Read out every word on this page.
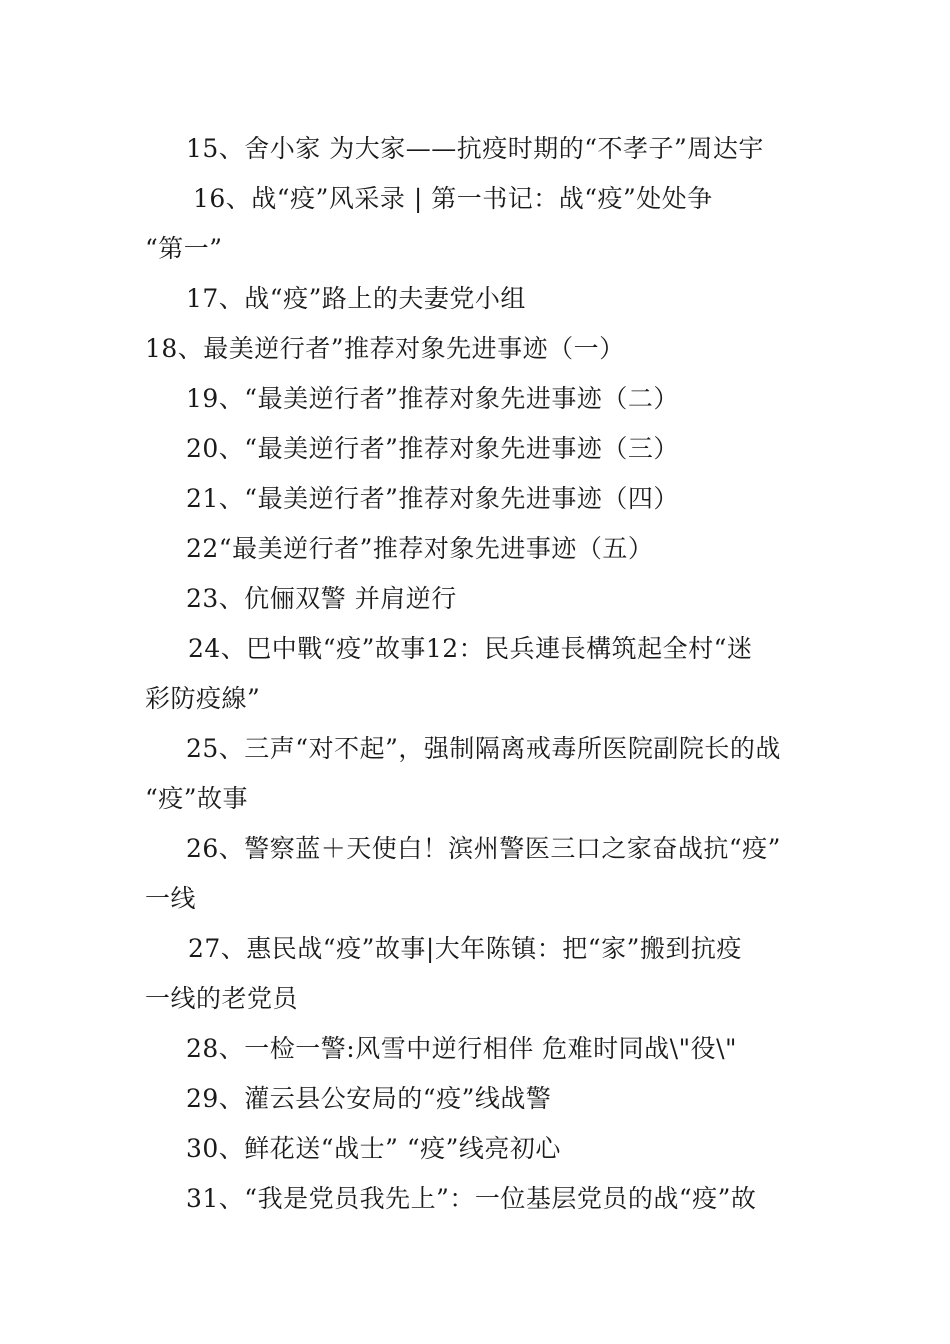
15、舍小家 为大家——抗疫时期的“不孝子”周达宇
16、战“疫”风采录 | 第一书记：战“疫”处处争
“第一”
17、战“疫”路上的夫妻党小组
18、最美逆行者”推荐对象先进事迹（一）
19、“最美逆行者”推荐对象先进事迹（二）
20、“最美逆行者”推荐对象先进事迹（三）
21、“最美逆行者”推荐对象先进事迹（四）
22“最美逆行者”推荐对象先进事迹（五）
23、伉俪双警 并肩逆行
24、巴中戰“疫”故事12：民兵連長構筑起全村“迷
彩防疫線”
25、三声“对不起”，强制隔离戒毒所医院副院长的战
“疫”故事
26、警察蓝＋天使白！滨州警医三口之家奋战抗“疫”
一线
27、惠民战“疫”故事|大年陈镇：把“家”搬到抗疫
一线的老党员
28、一检一警:风雪中逆行相伴 危难时同战\"役\"
29、灌云县公安局的“疫”线战警
30、鲜花送“战士” “疫”线亮初心
31、“我是党员我先上”：一位基层党员的战“疫”故
